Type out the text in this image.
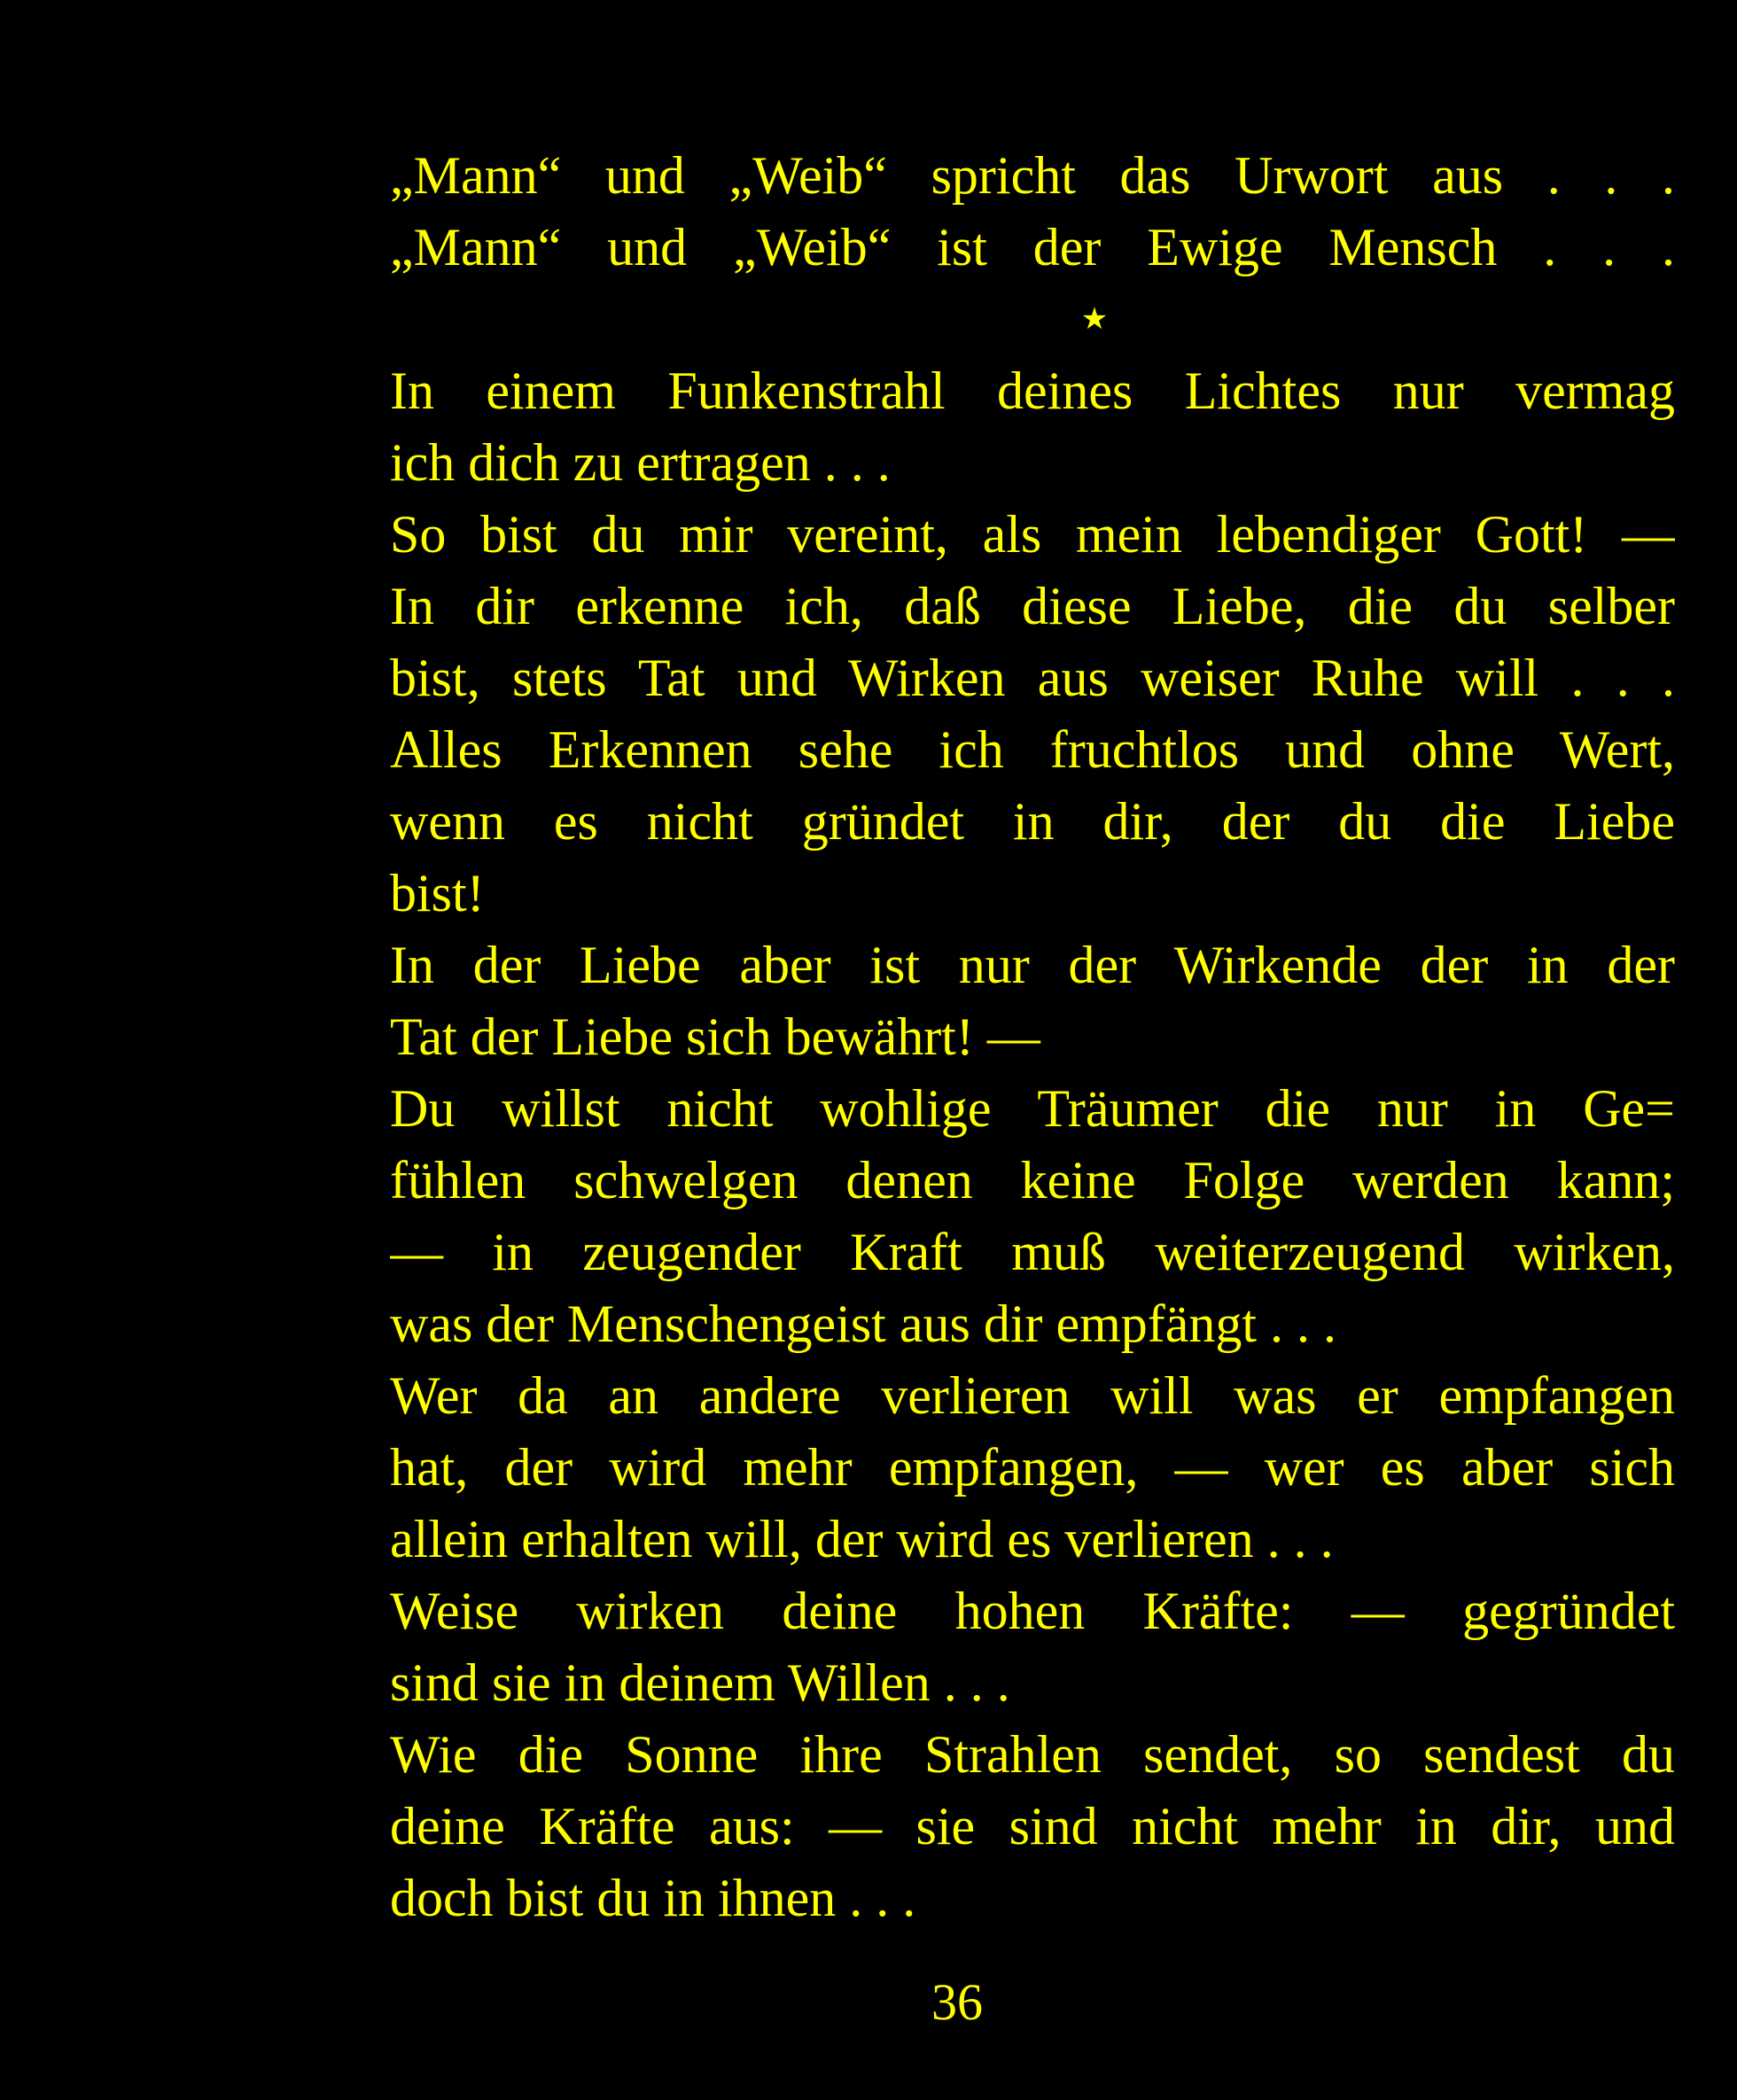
„Mann“ und „Weib“ spricht das Urwort aus . . .
„Mann“ und „Weib“ ist der Ewige Mensch . . .
★
In einem Funkenstrahl deines Lichtes nur vermag
ich dich zu ertragen . . .
So bist du mir vereint, als mein lebendiger Gott! —
In dir erkenne ich, daß diese Liebe, die du selber
bist, stets Tat und Wirken aus weiser Ruhe will . . .
Alles Erkennen sehe ich fruchtlos und ohne Wert,
wenn es nicht gründet in dir, der du die Liebe
bist!
In der Liebe aber ist nur der Wirkende der in der
Tat der Liebe sich bewährt! —
Du willst nicht wohlige Träumer die nur in Ge=
fühlen schwelgen denen keine Folge werden kann;
— in zeugender Kraft muß weiterzeugend wirken,
was der Menschengeist aus dir empfängt . . .
Wer da an andere verlieren will was er empfangen
hat, der wird mehr empfangen, — wer es aber sich
allein erhalten will, der wird es verlieren . . .
Weise wirken deine hohen Kräfte: — gegründet
sind sie in deinem Willen . . .
Wie die Sonne ihre Strahlen sendet, so sendest du
deine Kräfte aus: — sie sind nicht mehr in dir, und
doch bist du in ihnen . . .
36
